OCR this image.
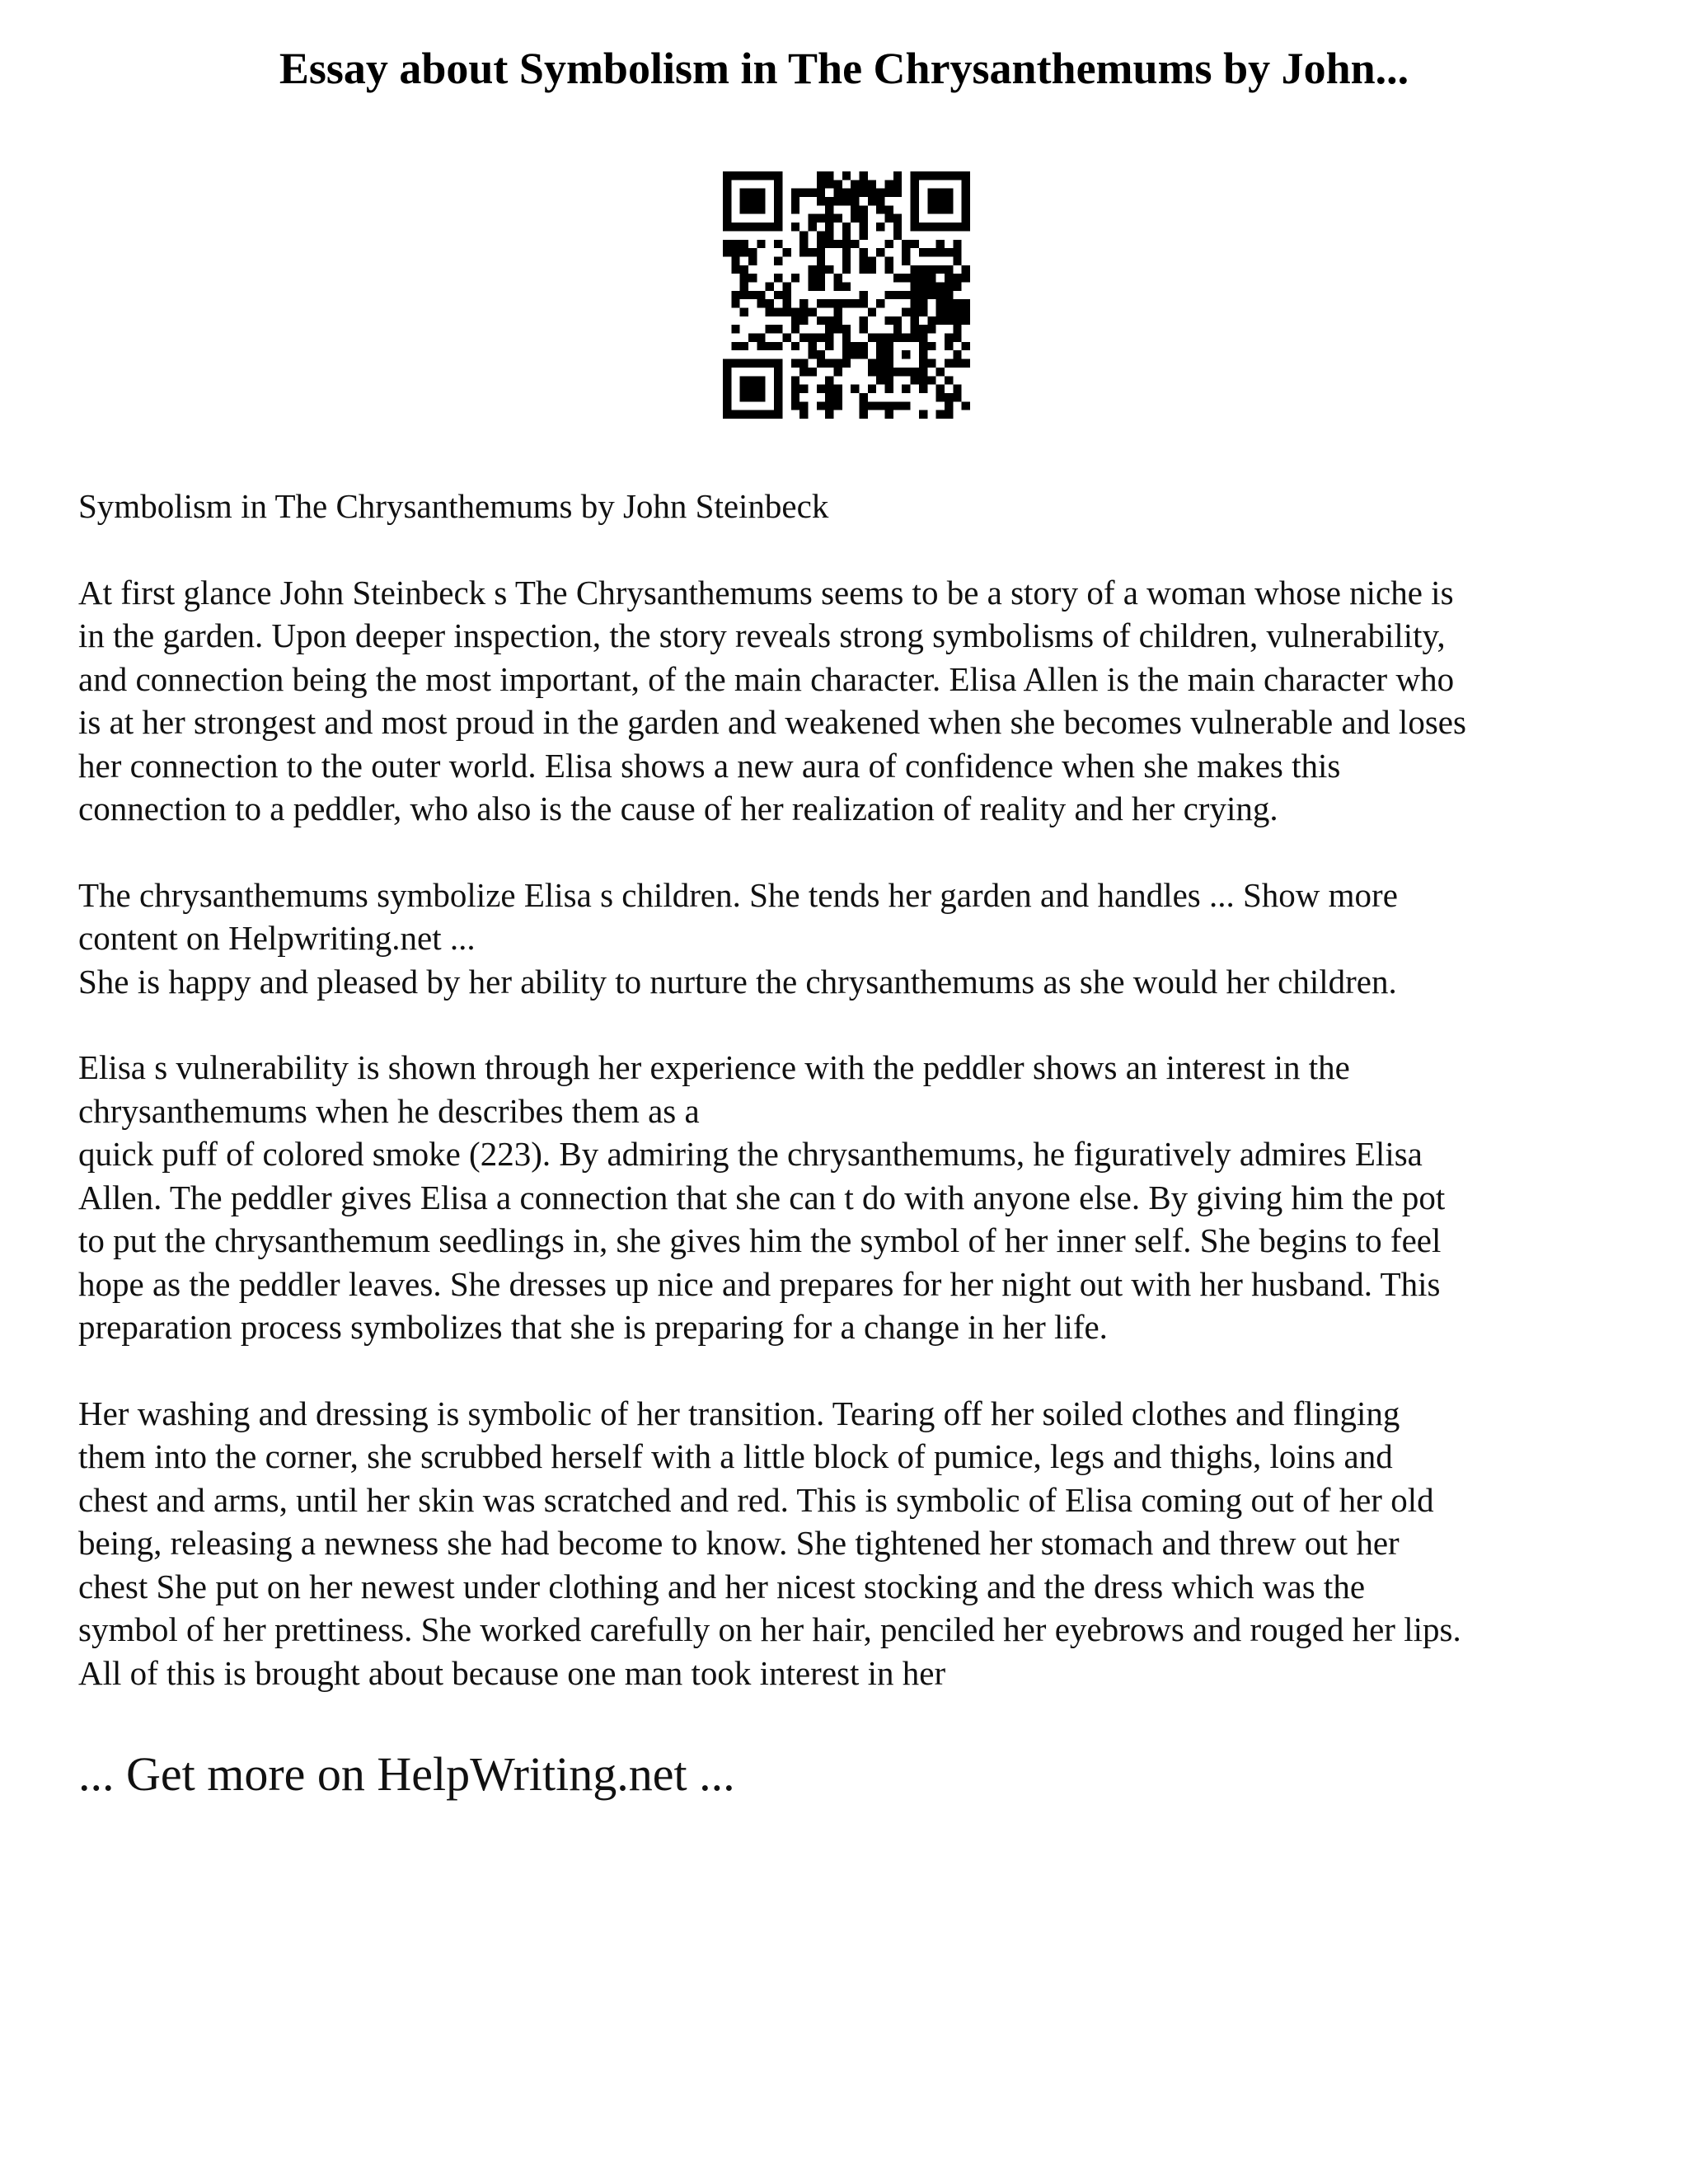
Essay about Symbolism in The Chrysanthemums by John...

Symbolism in The Chrysanthemums by John Steinbeck

At first glance John Steinbeck s The Chrysanthemums seems to be a story of a woman whose niche is
in the garden. Upon deeper inspection, the story reveals strong symbolisms of children, vulnerability,
and connection being the most important, of the main character. Elisa Allen is the main character who
is at her strongest and most proud in the garden and weakened when she becomes vulnerable and loses
her connection to the outer world. Elisa shows a new aura of confidence when she makes this
connection to a peddler, who also is the cause of her realization of reality and her crying.

The chrysanthemums symbolize Elisa s children. She tends her garden and handles ... Show more
content on Helpwriting.net ...

She is happy and pleased by her ability to nurture the chrysanthemums as she would her children.

Elisa s vulnerability is shown through her experience with the peddler shows an interest in the
chrysanthemums when he describes them as a
quick puff of colored smoke (223). By admiring the chrysanthemums, he figuratively admires Elisa
Allen. The peddler gives Elisa a connection that she can t do with anyone else. By giving him the pot
to put the chrysanthemum seedlings in, she gives him the symbol of her inner self. She begins to feel
hope as the peddler leaves. She dresses up nice and prepares for her night out with her husband. This
preparation process symbolizes that she is preparing for a change in her life.

Her washing and dressing is symbolic of her transition. Tearing off her soiled clothes and flinging
them into the corner, she scrubbed herself with a little block of pumice, legs and thighs, loins and
chest and arms, until her skin was scratched and red. This is symbolic of Elisa coming out of her old
being, releasing a newness she had become to know. She tightened her stomach and threw out her
chest She put on her newest under clothing and her nicest stocking and the dress which was the
symbol of her prettiness. She worked carefully on her hair, penciled her eyebrows and rouged her lips.
All of this is brought about because one man took interest in her

... Get more on HelpWriting.net ...
